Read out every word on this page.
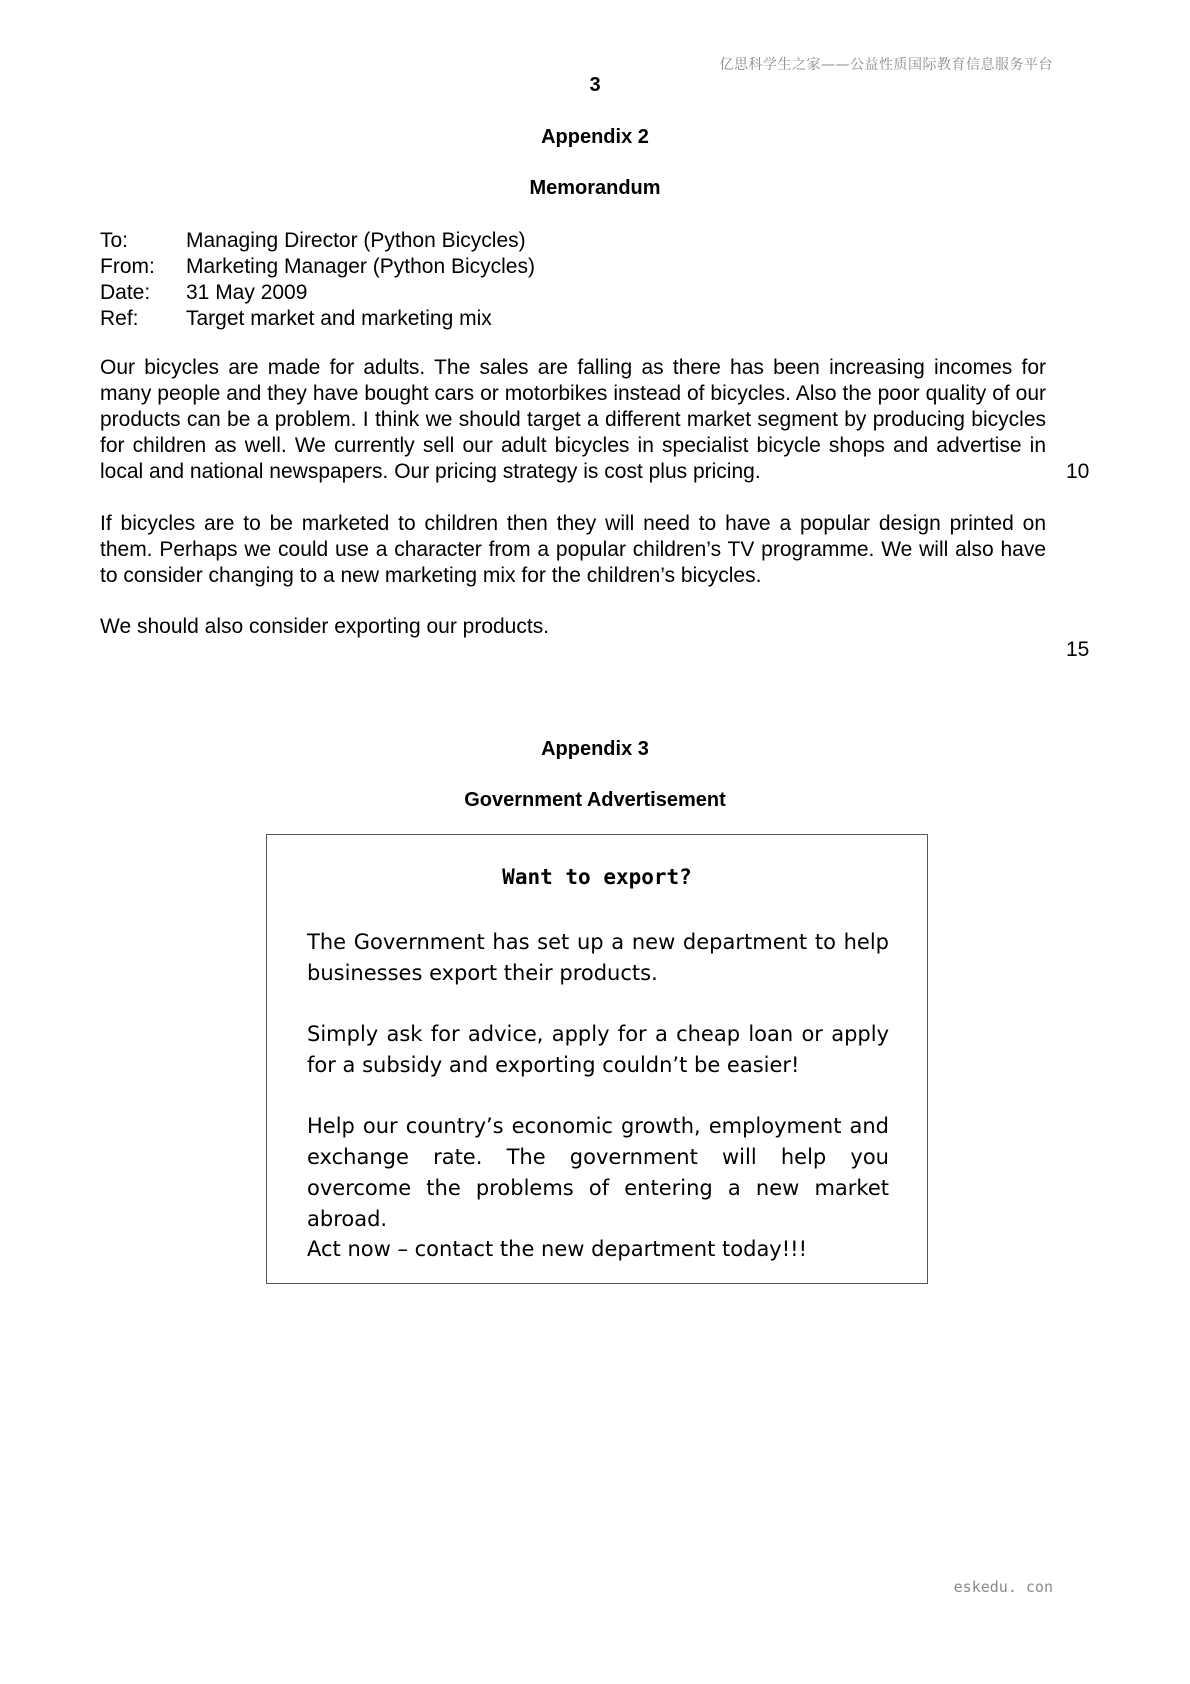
亿思科学生之家——公益性质国际教育信息服务平台
3
Appendix 2
Memorandum
To:	Managing Director (Python Bicycles)
From:	Marketing Manager (Python Bicycles)
Date:	31 May 2009
Ref:	Target market and marketing mix
Our bicycles are made for adults. The sales are falling as there has been increasing incomes for many people and they have bought cars or motorbikes instead of bicycles. Also the poor quality of our products can be a problem. I think we should target a different market segment by producing bicycles for children as well. We currently sell our adult bicycles in specialist bicycle shops and advertise in local and national newspapers. Our pricing strategy is cost plus pricing.	10
If bicycles are to be marketed to children then they will need to have a popular design printed on them. Perhaps we could use a character from a popular children’s TV programme. We will also have to consider changing to a new marketing mix for the children’s bicycles.
We should also consider exporting our products.
15
Appendix 3
Government Advertisement
Want to export?
The Government has set up a new department to help businesses export their products.
Simply ask for advice, apply for a cheap loan or apply for a subsidy and exporting couldn’t be easier!
Help our country’s economic growth, employment and exchange rate. The government will help you overcome the problems of entering a new market abroad.
Act now – contact the new department today!!!
eskedu. con
